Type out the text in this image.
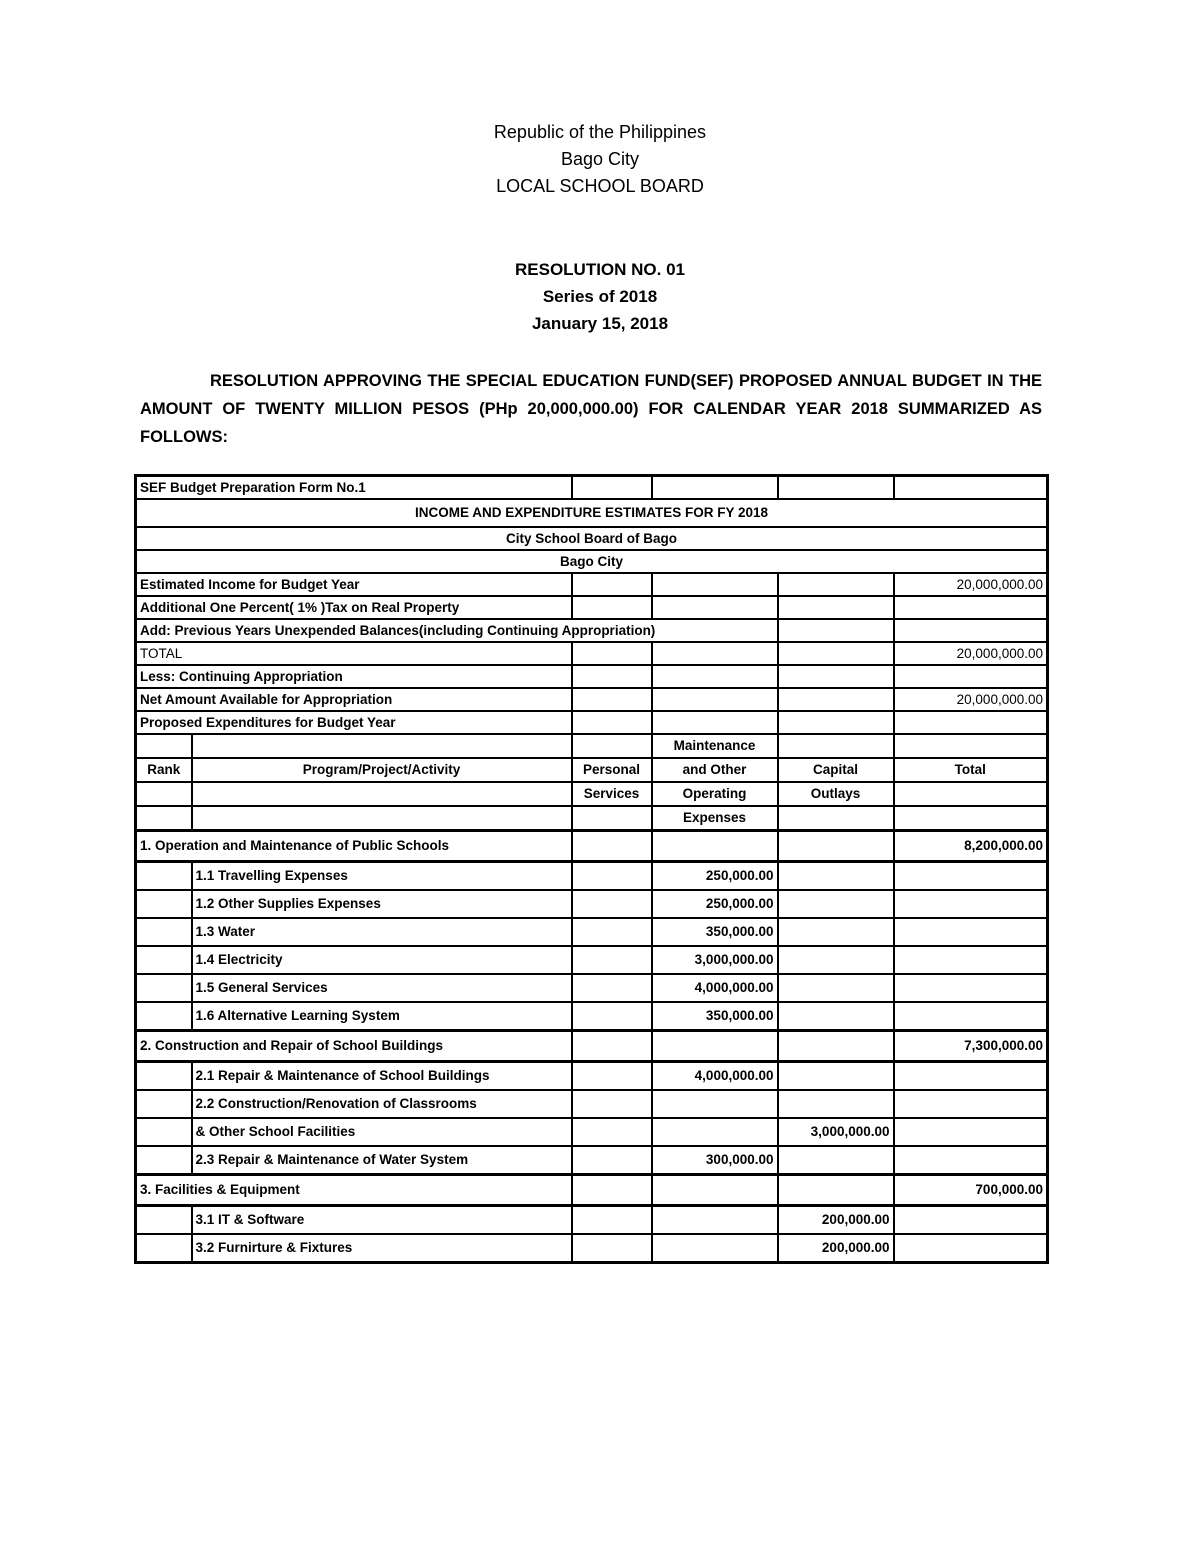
Republic of the Philippines
Bago City
LOCAL SCHOOL BOARD
RESOLUTION NO. 01
Series of 2018
January 15, 2018
RESOLUTION APPROVING THE SPECIAL EDUCATION FUND(SEF) PROPOSED ANNUAL BUDGET IN THE AMOUNT OF TWENTY MILLION PESOS (PHp 20,000,000.00) FOR CALENDAR YEAR 2018 SUMMARIZED AS FOLLOWS:
SEF Budget Preparation Form No.1					
INCOME AND EXPENDITURE ESTIMATES FOR FY 2018					
City School Board of Bago					
Bago City					
Estimated Income for Budget Year					20,000,000.00
Additional One Percent( 1% )Tax on Real Property					
Add: Previous Years Unexpended Balances(including Continuing Appropriation)					
TOTAL					20,000,000.00
Less: Continuing Appropriation					
Net Amount Available for Appropriation					20,000,000.00
Proposed Expenditures for Budget Year					
			Maintenance		
Rank	Program/Project/Activity	Personal	and Other	Capital	Total
		Services	Operating	Outlays	
			Expenses		
1. Operation and Maintenance of Public Schools					8,200,000.00
	1.1 Travelling Expenses		250,000.00		
	1.2 Other Supplies Expenses		250,000.00		
	1.3 Water		350,000.00		
	1.4 Electricity		3,000,000.00		
	1.5 General Services		4,000,000.00		
	1.6 Alternative Learning System		350,000.00		
2. Construction and Repair of School Buildings					7,300,000.00
	2.1 Repair & Maintenance of School Buildings		4,000,000.00		
	2.2 Construction/Renovation of Classrooms				
	& Other School Facilities			3,000,000.00	
	2.3 Repair & Maintenance of Water System		300,000.00		
3. Facilities & Equipment					700,000.00
	3.1 IT & Software			200,000.00	
	3.2 Furnirture & Fixtures			200,000.00	
